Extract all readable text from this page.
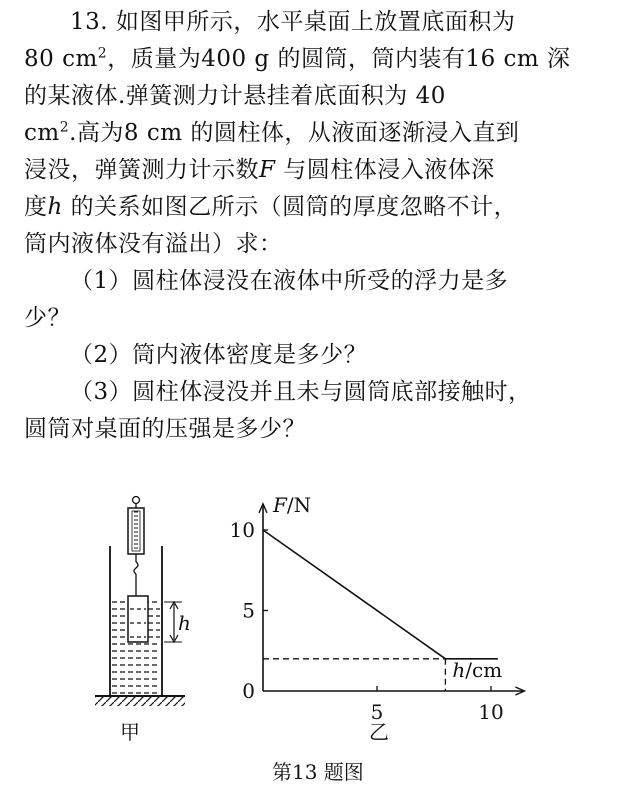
13. 如图甲所示，水平桌面上放置底面积为
80 $cm^2$，质量为400 g 的圆筒，筒内装有16 cm 深
的某液体.弹簧测力计悬挂着底面积为 40
$cm^2$.高为8 cm 的圆柱体，从液面逐渐浸入直到
浸没，弹簧测力计示数F 与圆柱体浸入液体深
度h 的关系如图乙所示（圆筒的厚度忽略不计，
筒内液体没有溢出）求：
（1）圆柱体浸没在液体中所受的浮力是多
少？
（2）筒内液体密度是多少？
（3）圆柱体浸没并且未与圆筒底部接触时，
圆筒对桌面的压强是多少？
h
甲
5	10
5
10
0
F/N
h/cm
乙
第13 题图
